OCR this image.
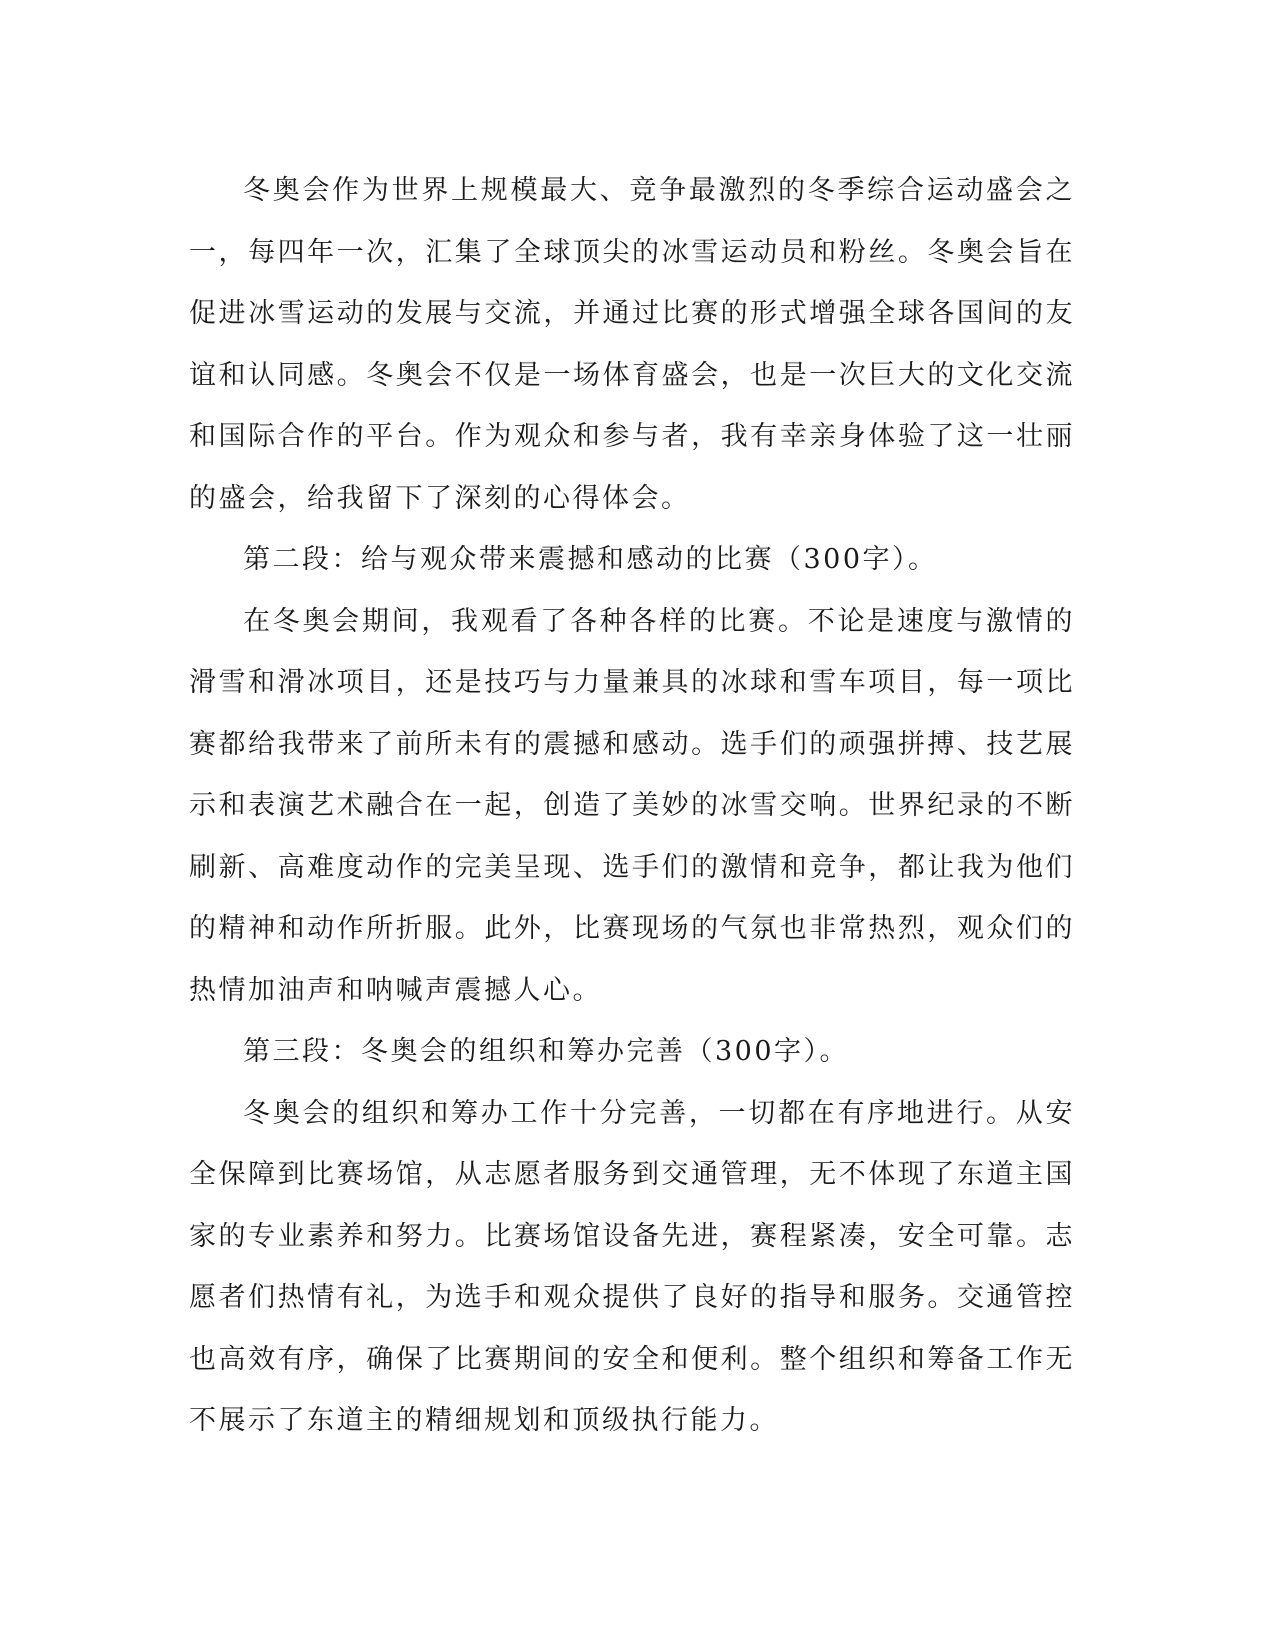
冬奥会作为世界上规模最大、竞争最激烈的冬季综合运动盛会之一，每四年一次，汇集了全球顶尖的冰雪运动员和粉丝。冬奥会旨在促进冰雪运动的发展与交流，并通过比赛的形式增强全球各国间的友谊和认同感。冬奥会不仅是一场体育盛会，也是一次巨大的文化交流和国际合作的平台。作为观众和参与者，我有幸亲身体验了这一壮丽的盛会，给我留下了深刻的心得体会。

第二段：给与观众带来震撼和感动的比赛（300字）。

在冬奥会期间，我观看了各种各样的比赛。不论是速度与激情的滑雪和滑冰项目，还是技巧与力量兼具的冰球和雪车项目，每一项比赛都给我带来了前所未有的震撼和感动。选手们的顽强拼搏、技艺展示和表演艺术融合在一起，创造了美妙的冰雪交响。世界纪录的不断刷新、高难度动作的完美呈现、选手们的激情和竞争，都让我为他们的精神和动作所折服。此外，比赛现场的气氛也非常热烈，观众们的热情加油声和呐喊声震撼人心。

第三段：冬奥会的组织和筹办完善（300字）。

冬奥会的组织和筹办工作十分完善，一切都在有序地进行。从安全保障到比赛场馆，从志愿者服务到交通管理，无不体现了东道主国家的专业素养和努力。比赛场馆设备先进，赛程紧凑，安全可靠。志愿者们热情有礼，为选手和观众提供了良好的指导和服务。交通管控也高效有序，确保了比赛期间的安全和便利。整个组织和筹备工作无不展示了东道主的精细规划和顶级执行能力。
